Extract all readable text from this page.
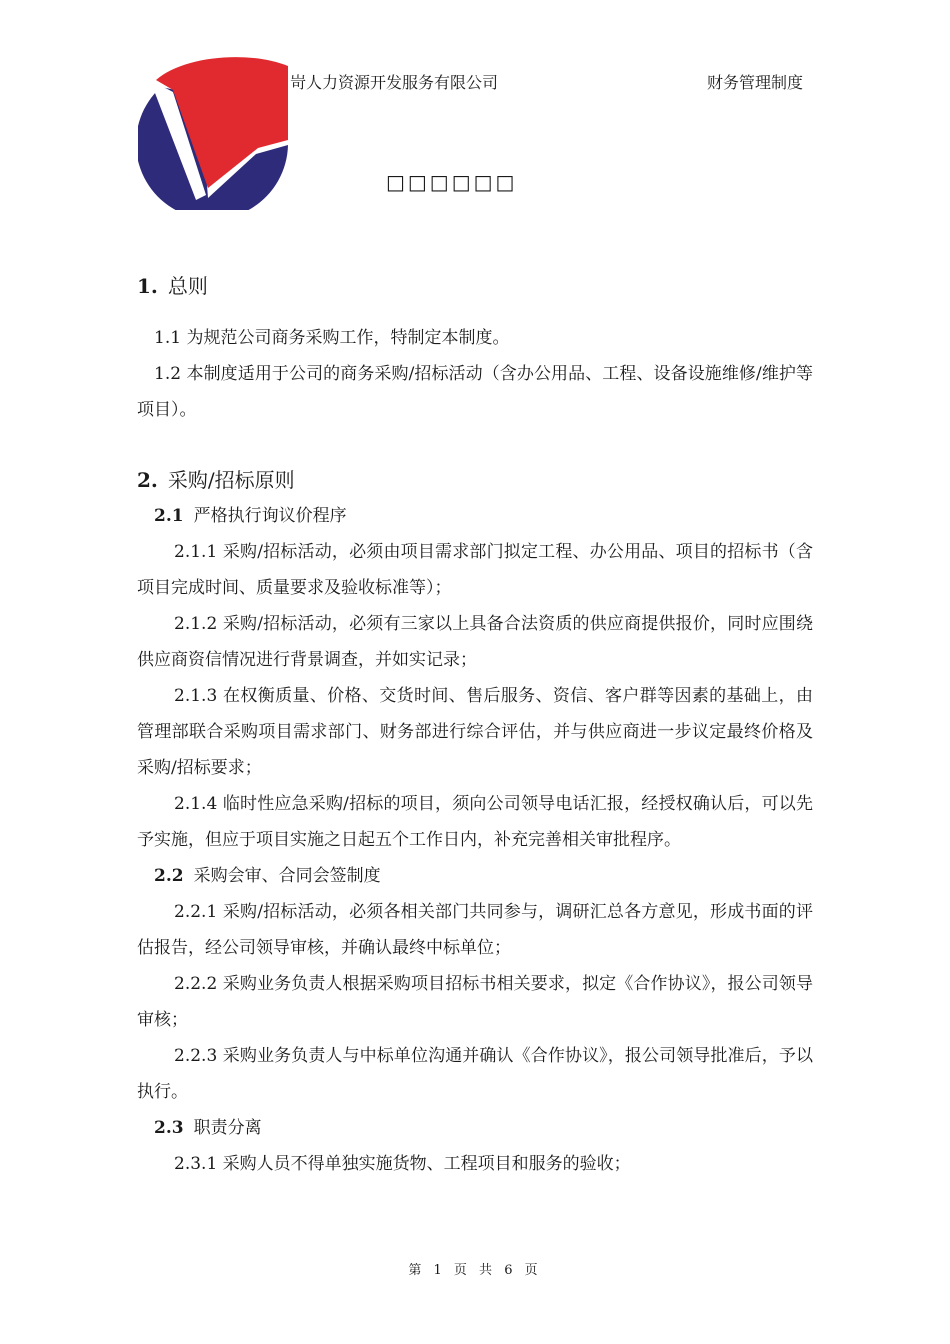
岢人力资源开发服务有限公司	财务管理制度
□□□□□□
1. 总则

1.1 为规范公司商务采购工作，特制定本制度。

1.2 本制度适用于公司的商务采购/招标活动（含办公用品、工程、设备设施维修/维护等项目）。

2. 采购/招标原则
2.1 严格执行询议价程序

2.1.1 采购/招标活动，必须由项目需求部门拟定工程、办公用品、项目的招标书（含项目完成时间、质量要求及验收标准等）；

2.1.2 采购/招标活动，必须有三家以上具备合法资质的供应商提供报价，同时应围绕供应商资信情况进行背景调查，并如实记录；

2.1.3 在权衡质量、价格、交货时间、售后服务、资信、客户群等因素的基础上，由管理部联合采购项目需求部门、财务部进行综合评估，并与供应商进一步议定最终价格及采购/招标要求；

2.1.4 临时性应急采购/招标的项目，须向公司领导电话汇报，经授权确认后，可以先予实施，但应于项目实施之日起五个工作日内，补充完善相关审批程序。

2.2 采购会审、合同会签制度

2.2.1 采购/招标活动，必须各相关部门共同参与，调研汇总各方意见，形成书面的评估报告，经公司领导审核，并确认最终中标单位；

2.2.2 采购业务负责人根据采购项目招标书相关要求，拟定《合作协议》，报公司领导审核；

2.2.3 采购业务负责人与中标单位沟通并确认《合作协议》，报公司领导批准后，予以执行。

2.3 职责分离

2.3.1 采购人员不得单独实施货物、工程项目和服务的验收；

第 1 页 共 6 页
